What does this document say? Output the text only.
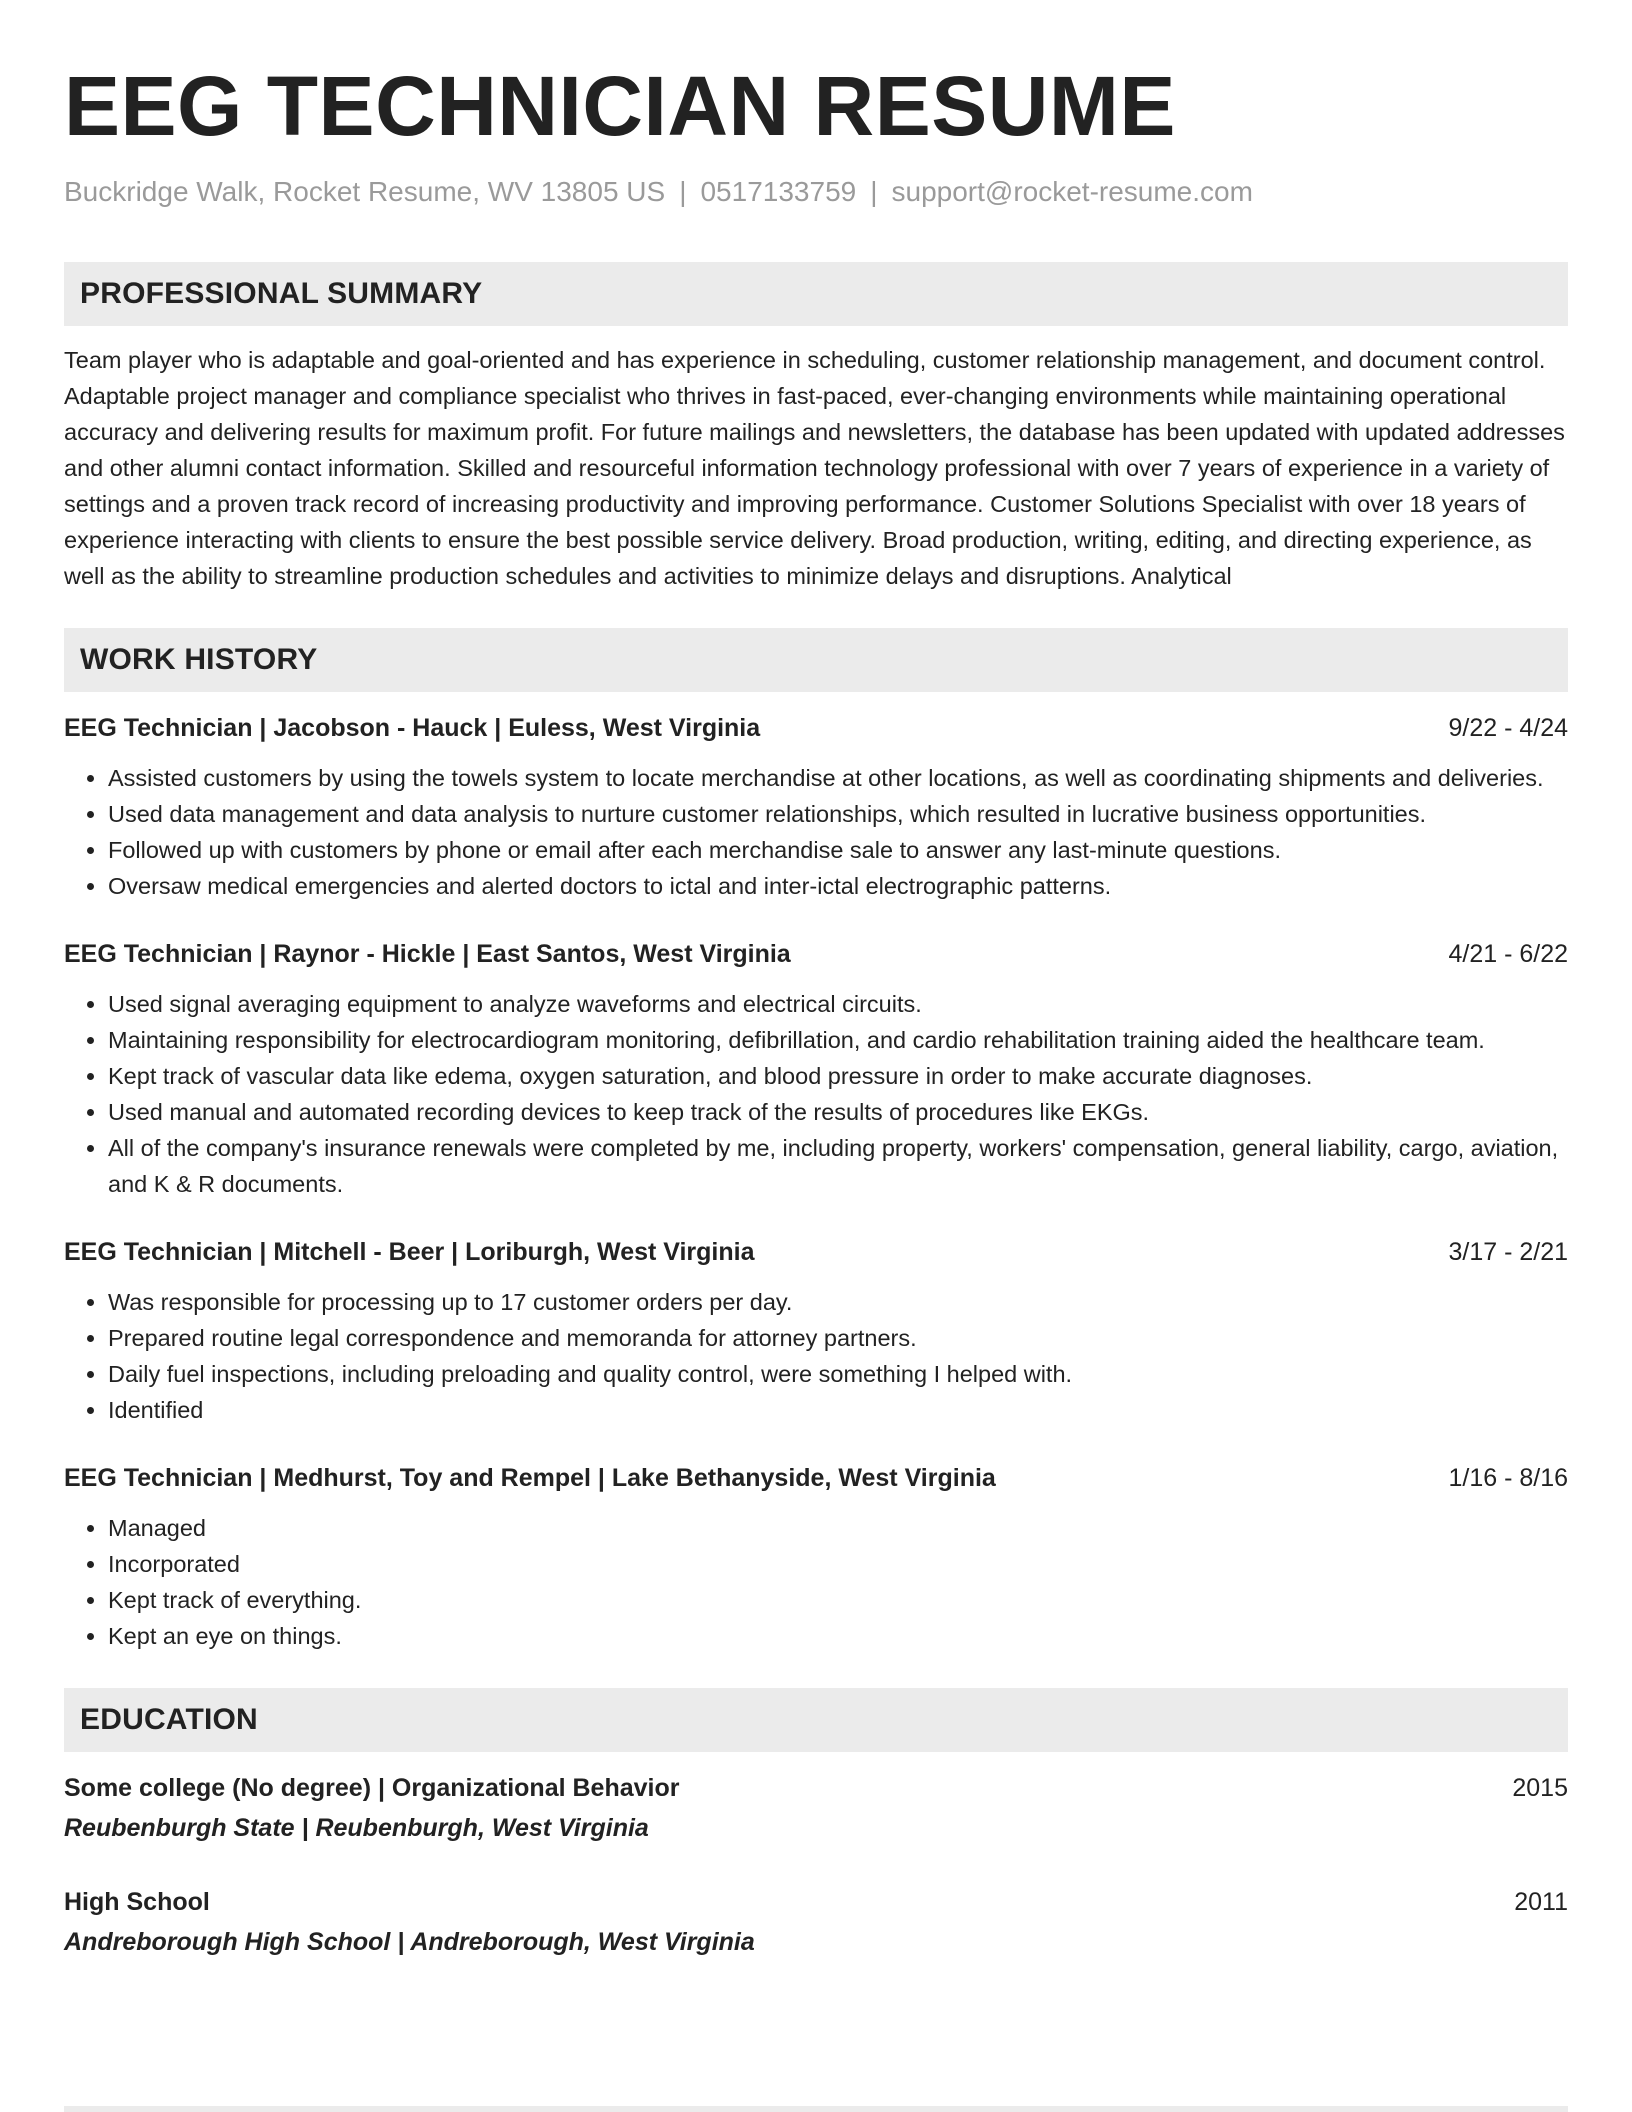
EEG TECHNICIAN RESUME
Buckridge Walk, Rocket Resume, WV 13805 US | 0517133759 | support@rocket-resume.com
PROFESSIONAL SUMMARY
Team player who is adaptable and goal-oriented and has experience in scheduling, customer relationship management, and document control. Adaptable project manager and compliance specialist who thrives in fast-paced, ever-changing environments while maintaining operational accuracy and delivering results for maximum profit. For future mailings and newsletters, the database has been updated with updated addresses and other alumni contact information. Skilled and resourceful information technology professional with over 7 years of experience in a variety of settings and a proven track record of increasing productivity and improving performance. Customer Solutions Specialist with over 18 years of experience interacting with clients to ensure the best possible service delivery. Broad production, writing, editing, and directing experience, as well as the ability to streamline production schedules and activities to minimize delays and disruptions. Analytical
WORK HISTORY
EEG Technician | Jacobson - Hauck | Euless, West Virginia	9/22 - 4/24
• Assisted customers by using the towels system to locate merchandise at other locations, as well as coordinating shipments and deliveries.
• Used data management and data analysis to nurture customer relationships, which resulted in lucrative business opportunities.
• Followed up with customers by phone or email after each merchandise sale to answer any last-minute questions.
• Oversaw medical emergencies and alerted doctors to ictal and inter-ictal electrographic patterns.
EEG Technician | Raynor - Hickle | East Santos, West Virginia	4/21 - 6/22
• Used signal averaging equipment to analyze waveforms and electrical circuits.
• Maintaining responsibility for electrocardiogram monitoring, defibrillation, and cardio rehabilitation training aided the healthcare team.
• Kept track of vascular data like edema, oxygen saturation, and blood pressure in order to make accurate diagnoses.
• Used manual and automated recording devices to keep track of the results of procedures like EKGs.
• All of the company's insurance renewals were completed by me, including property, workers' compensation, general liability, cargo, aviation, and K & R documents.
EEG Technician | Mitchell - Beer | Loriburgh, West Virginia	3/17 - 2/21
• Was responsible for processing up to 17 customer orders per day.
• Prepared routine legal correspondence and memoranda for attorney partners.
• Daily fuel inspections, including preloading and quality control, were something I helped with.
• Identified
EEG Technician | Medhurst, Toy and Rempel | Lake Bethanyside, West Virginia	1/16 - 8/16
• Managed
• Incorporated
• Kept track of everything.
• Kept an eye on things.
EDUCATION
Some college (No degree) | Organizational Behavior	2015
Reubenburgh State | Reubenburgh, West Virginia
High School	2011
Andreborough High School | Andreborough, West Virginia
